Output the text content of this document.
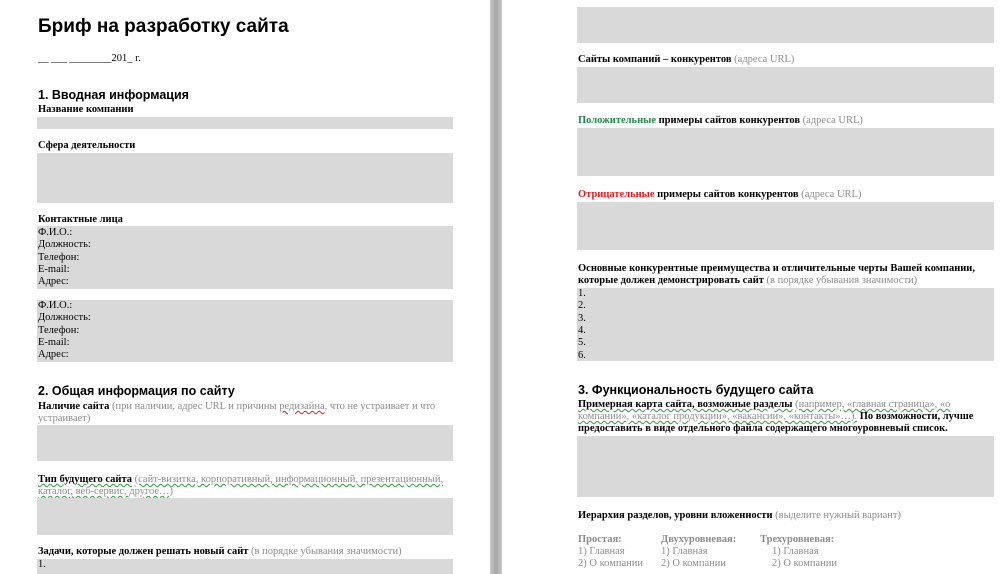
Бриф на разработку сайта
__ ___ ________201_ г.
1. Вводная информация
Название компании
Сфера деятельности
Контактные лица
Ф.И.О.:
Должность:
Телефон:
E-mail:
Адрес:
Ф.И.О.:
Должность:
Телефон:
E-mail:
Адрес:
2. Общая информация по сайту
Наличие сайта (при наличии, адрес URL и причины редизайна, что не устраивает и что
устраивает)
Тип будущего сайта (сайт-визитка, корпоративный, информационный, презентационный,
каталог, веб-сервис, другое…)
Задачи, которые должен решать новый сайт (в порядке убывания значимости)
1.
Сайты компаний – конкурентов (адреса URL)
Положительные примеры сайтов конкурентов (адреса URL)
Отрицательные примеры сайтов конкурентов (адреса URL)
Основные конкурентные преимущества и отличительные черты Вашей компании,
которые должен демонстрировать сайт (в порядке убывания значимости)
1.
2.
3.
4.
5.
6.
3. Функциональность будущего сайта
Примерная карта сайта, возможные разделы (например, «главная страница», «о
компании», «каталог продукции», «вакансии», «контакты»…). По возможности, лучше
предоставить в виде отдельного файла содержащего многоуровневый список.
Иерархия разделов, уровни вложенности (выделите нужный вариант)
Простая:
1) Главная
2) О компании
Двухуровневая:
1) Главная
2) О компании
Трехуровневая:
1) Главная
2) О компании
